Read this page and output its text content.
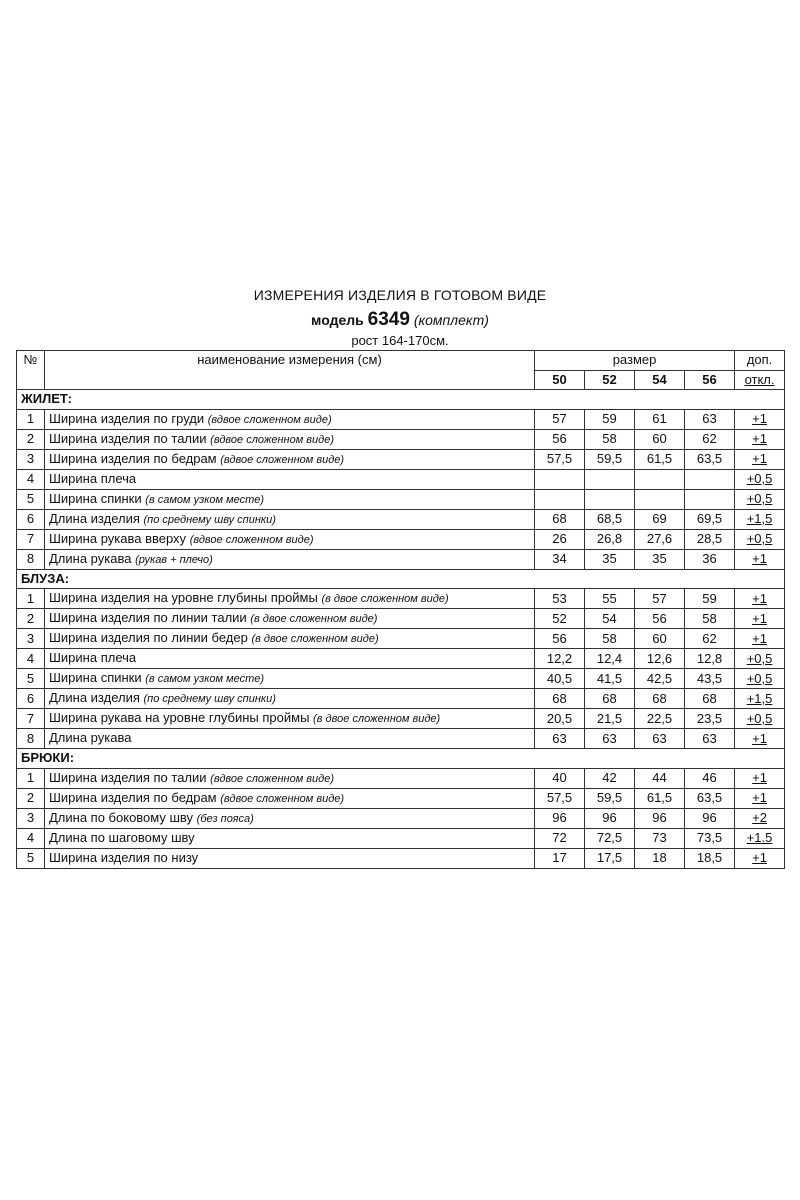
ИЗМЕРЕНИЯ ИЗДЕЛИЯ В ГОТОВОМ ВИДЕ
модель 6349 (комплект)
рост 164-170см.
№	наименование измерения (см)	размер				доп.
		50	52	54	56	откл.
ЖИЛЕТ:						
1	Ширина изделия по груди (вдвое сложенном виде)	57	59	61	63	+1
2	Ширина изделия по талии (вдвое сложенном виде)	56	58	60	62	+1
3	Ширина изделия по бедрам (вдвое сложенном виде)	57,5	59,5	61,5	63,5	+1
4	Ширина плеча					+0,5
5	Ширина спинки (в самом узком месте)					+0,5
6	Длина изделия (по среднему шву спинки)	68	68,5	69	69,5	+1,5
7	Ширина рукава вверху (вдвое сложенном виде)	26	26,8	27,6	28,5	+0,5
8	Длина рукава (рукав + плечо)	34	35	35	36	+1
БЛУЗА:						
1	Ширина изделия на уровне глубины проймы (в двое сложенном виде)	53	55	57	59	+1
2	Ширина изделия по линии талии (в двое сложенном виде)	52	54	56	58	+1
3	Ширина изделия по линии бедер (в двое сложенном виде)	56	58	60	62	+1
4	Ширина плеча	12,2	12,4	12,6	12,8	+0,5
5	Ширина спинки (в самом узком месте)	40,5	41,5	42,5	43,5	+0,5
6	Длина изделия (по среднему шву спинки)	68	68	68	68	+1,5
7	Ширина рукава на уровне глубины проймы (в двое сложенном виде)	20,5	21,5	22,5	23,5	+0,5
8	Длина рукава	63	63	63	63	+1
БРЮКИ:						
1	Ширина изделия по талии (вдвое сложенном виде)	40	42	44	46	+1
2	Ширина изделия по бедрам (вдвое сложенном виде)	57,5	59,5	61,5	63,5	+1
3	Длина по боковому шву (без пояса)	96	96	96	96	+2
4	Длина по шаговому шву	72	72,5	73	73,5	+1.5
5	Ширина изделия по низу	17	17,5	18	18,5	+1
